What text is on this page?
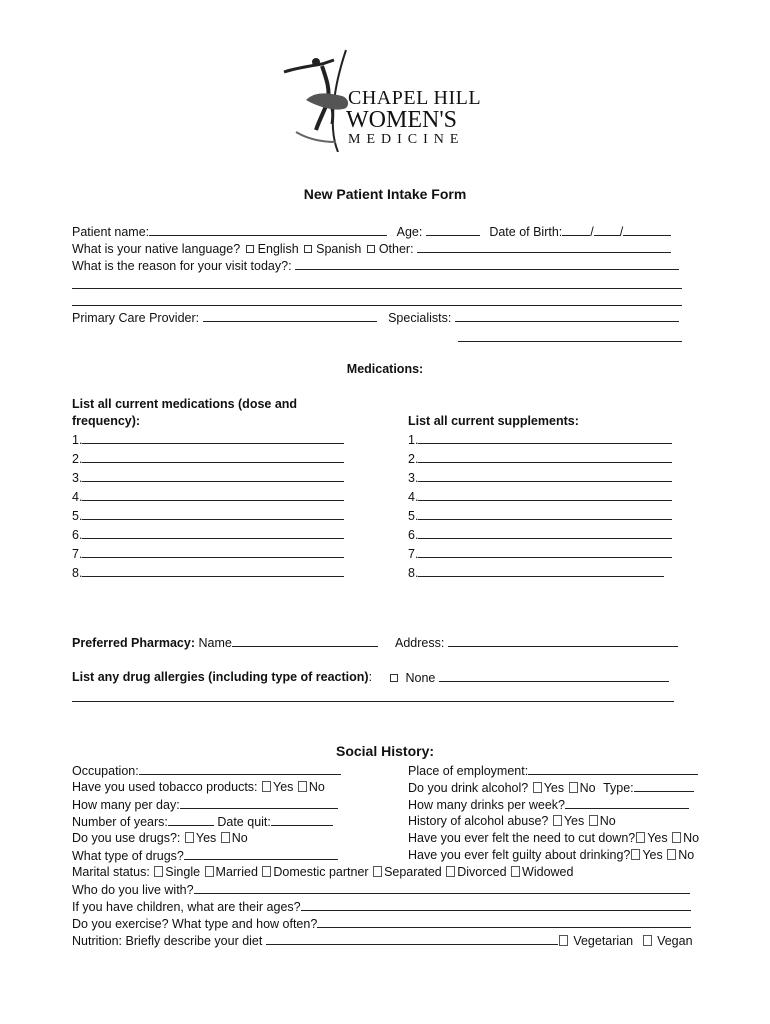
CHAPEL HILL
WOMEN'S
MEDICINE
New Patient Intake Form
Patient name:	Age:	Date of Birth: / /
What is your native language? English Spanish Other:
What is the reason for your visit today?:
Primary Care Provider:	Specialists:
Medications:
List all current medications (dose and
frequency):	List all current supplements:
1.
2.
3.
4.
5.
6.
7.
8.
1.
2.
3.
4.
5.
6.
7.
8.
Preferred Pharmacy: Name	Address:
List any drug allergies (including type of reaction):	None
Social History:
Occupation:	Place of employment:
Have you used tobacco products: Yes No	Do you drink alcohol? Yes No Type:
How many per day:	How many drinks per week?
Number of years:	Date quit:	History of alcohol abuse? Yes No
Do you use drugs?: Yes No	Have you ever felt the need to cut down? Yes No
What type of drugs?	Have you ever felt guilty about drinking? Yes No
Marital status: Single Married Domestic partner Separated Divorced Widowed
Who do you live with?
If you have children, what are their ages?
Do you exercise? What type and how often?
Nutrition: Briefly describe your diet	Vegetarian Vegan
